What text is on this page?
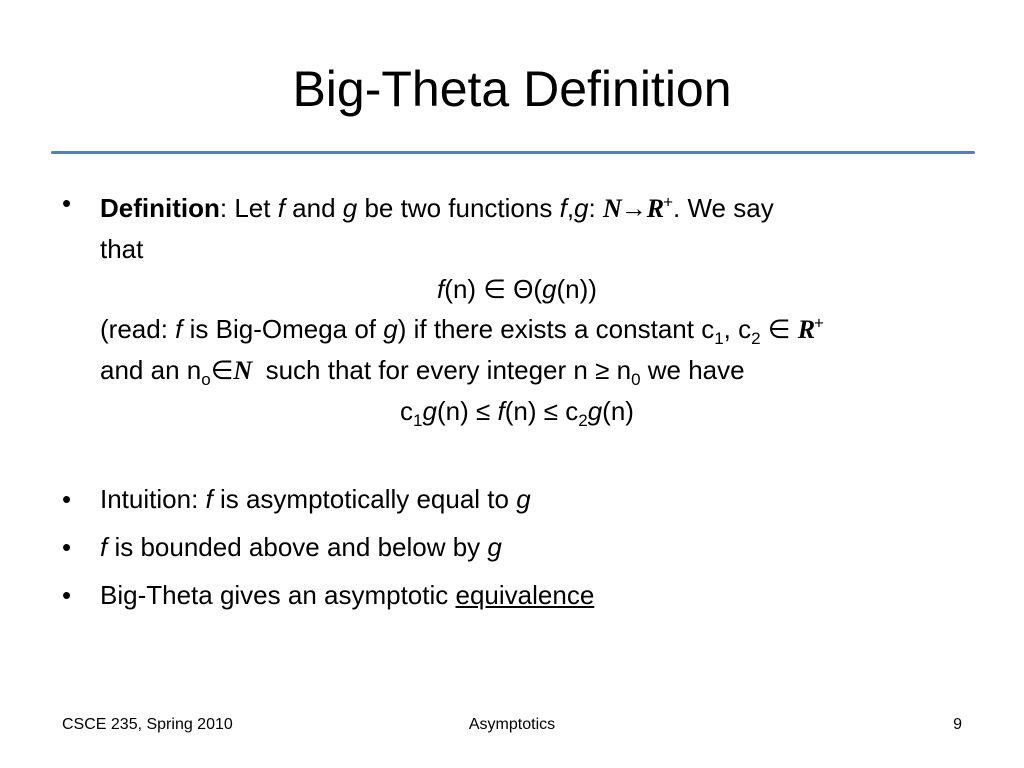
Big-Theta Definition
• Definition: Let f and g be two functions f,g: N→R+. We say
that
f(n) ∈ Θ(g(n))
(read: f is Big-Omega of g) if there exists a constant $c_1$, $c_2$ ∈ R+
and an $n_o\in N$  such that for every integer $n \ge n_0$ we have
$c_1g(n) \le f(n) \le c_2g(n)$
• Intuition: f is asymptotically equal to g
• f is bounded above and below by g
• Big-Theta gives an asymptotic equivalence
CSCE 235, Spring 2010	Asymptotics	9
